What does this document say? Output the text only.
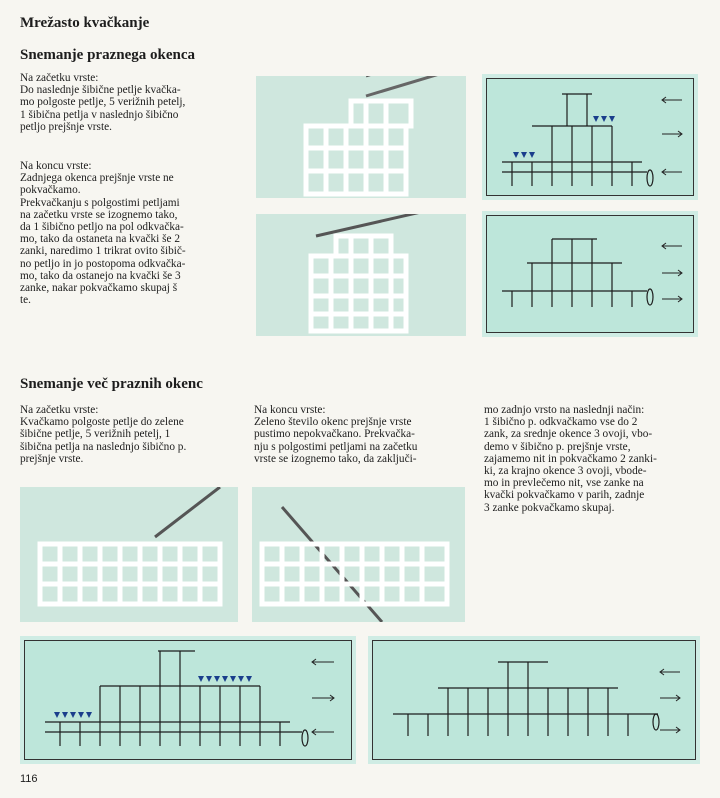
Mrežasto kvačkanje
Snemanje praznega okenca
Na začetku vrste:
Do naslednje šibične petlje kvačka-
mo polgoste petlje, 5 verižnih petelj,
1 šibična petlja v naslednjo šibično
petljo prejšnje vrste.
Na koncu vrste:
Zadnjega okenca prejšnje vrste ne
pokvačkamo.
Prekvačkanju s polgostimi petljami
na začetku vrste se izognemo tako,
da 1 šibično petljo na pol odkvačka-
mo, tako da ostaneta na kvački še 2
zanki, naredimo 1 trikrat ovito šibič-
no petljo in jo postopoma odkvačka-
mo, tako da ostanejo na kvački še 3
zanke, nakar pokvačkamo skupaj š
te.
Snemanje več praznih okenc
Na začetku vrste:
Kvačkamo polgoste petlje do zelene
šibične petlje, 5 verižnih petelj, 1
šibična petlja na naslednjo šibično p.
prejšnje vrste.
Na koncu vrste:
Zeleno število okenc prejšnje vrste
pustimo nepokvačkano. Prekvačka-
nju s polgostimi petljami na začetku
vrste se izognemo tako, da zaključi-
mo zadnjo vrsto na naslednji način:
1 šibično p. odkvačkamo vse do 2
zank, za srednje okence 3 ovoji, vbo-
demo v šibično p. prejšnje vrste,
zajamemo nit in pokvačkamo 2 zanki-
ki, za krajno okence 3 ovoji, vbode-
mo in prevlečemo nit, vse zanke na
kvački pokvačkamo v parih, zadnje
3 zanke pokvačkamo skupaj.
116
